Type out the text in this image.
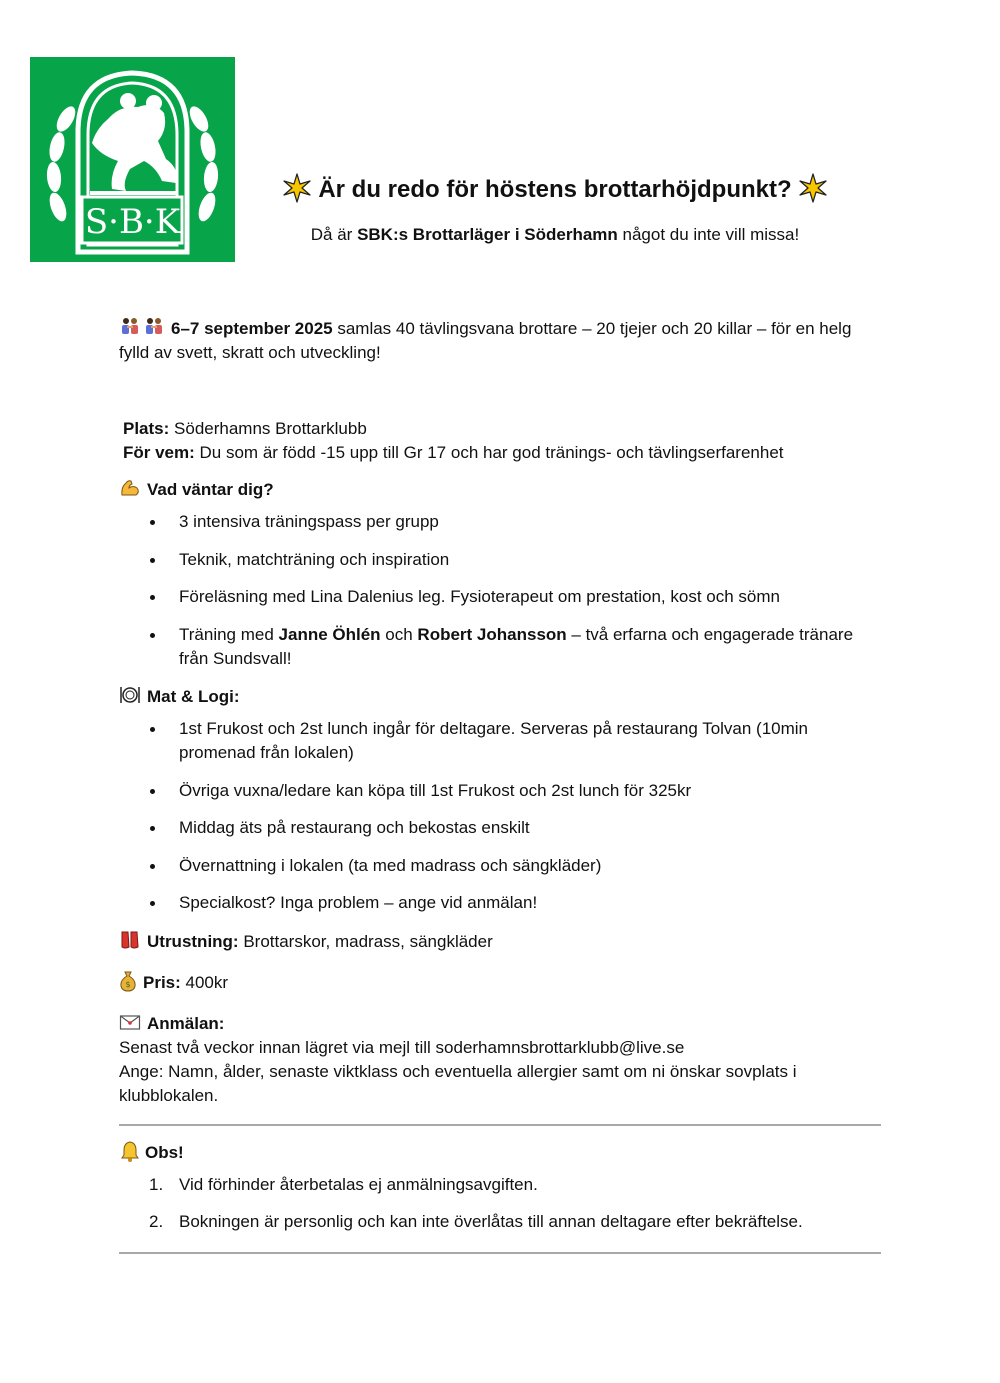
S·B·K
Är du redo för höstens brottarhöjdpunkt?
Då är SBK:s Brottarläger i Söderhamn något du inte vill missa!

6–7 september 2025 samlas 40 tävlingsvana brottare – 20 tjejer och 20 killar – för en helg fylld av svett, skratt och utveckling!

Plats: Söderhamns Brottarklubb

För vem: Du som är född -15 upp till Gr 17 och har god tränings- och tävlingserfarenhet

Vad väntar dig?

3 intensiva träningspass per grupp
Teknik, matchträning och inspiration
Föreläsning med Lina Dalenius leg. Fysioterapeut om prestation, kost och sömn
Träning med Janne Öhlén och Robert Johansson – två erfarna och engagerade tränare från Sundsvall!

Mat & Logi:

1st Frukost och 2st lunch ingår för deltagare. Serveras på restaurang Tolvan (10min promenad från lokalen)
Övriga vuxna/ledare kan köpa till 1st Frukost och 2st lunch för 325kr
Middag äts på restaurang och bekostas enskilt
Övernattning i lokalen (ta med madrass och sängkläder)
Specialkost? Inga problem – ange vid anmälan!

Utrustning: Brottarskor, madrass, sängkläder

$ Pris: 400kr

Anmälan:

Senast två veckor innan lägret via mejl till soderhamnsbrottarklubb@live.se

Ange: Namn, ålder, senaste viktklass och eventuella allergier samt om ni önskar sovplats i klubblokalen.

Obs!

1. Vid förhinder återbetalas ej anmälningsavgiften.
2. Bokningen är personlig och kan inte överlåtas till annan deltagare efter bekräftelse.
